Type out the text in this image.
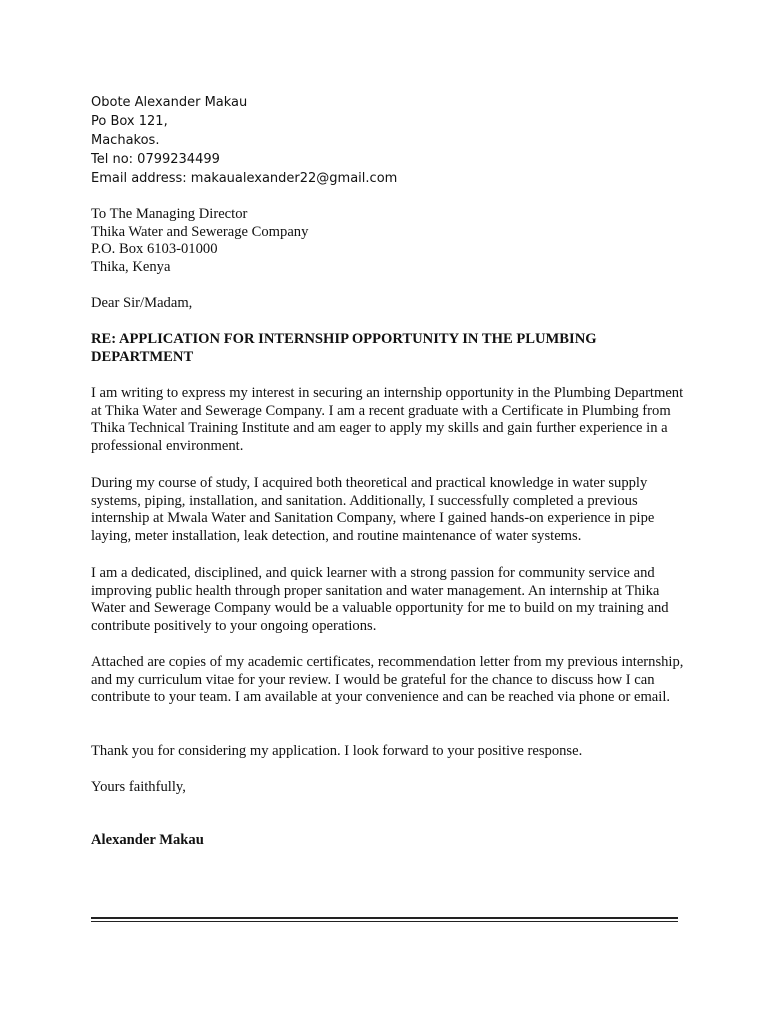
Obote Alexander Makau
Po Box 121,
Machakos.
Tel no: 0799234499
Email address: makaualexander22@gmail.com
To The Managing Director
Thika Water and Sewerage Company
P.O. Box 6103-01000
Thika, Kenya
Dear Sir/Madam,
RE: APPLICATION FOR INTERNSHIP OPPORTUNITY IN THE PLUMBING
DEPARTMENT

I am writing to express my interest in securing an internship opportunity in the Plumbing Department at Thika Water and Sewerage Company. I am a recent graduate with a Certificate in Plumbing from Thika Technical Training Institute and am eager to apply my skills and gain further experience in a professional environment.

During my course of study, I acquired both theoretical and practical knowledge in water supply systems, piping, installation, and sanitation. Additionally, I successfully completed a previous internship at Mwala Water and Sanitation Company, where I gained hands-on experience in pipe laying, meter installation, leak detection, and routine maintenance of water systems.

I am a dedicated, disciplined, and quick learner with a strong passion for community service and improving public health through proper sanitation and water management. An internship at Thika Water and Sewerage Company would be a valuable opportunity for me to build on my training and contribute positively to your ongoing operations.

Attached are copies of my academic certificates, recommendation letter from my previous internship, and my curriculum vitae for your review. I would be grateful for the chance to discuss how I can contribute to your team. I am available at your convenience and can be reached via phone or email.

Thank you for considering my application. I look forward to your positive response.

Yours faithfully,
Alexander Makau
